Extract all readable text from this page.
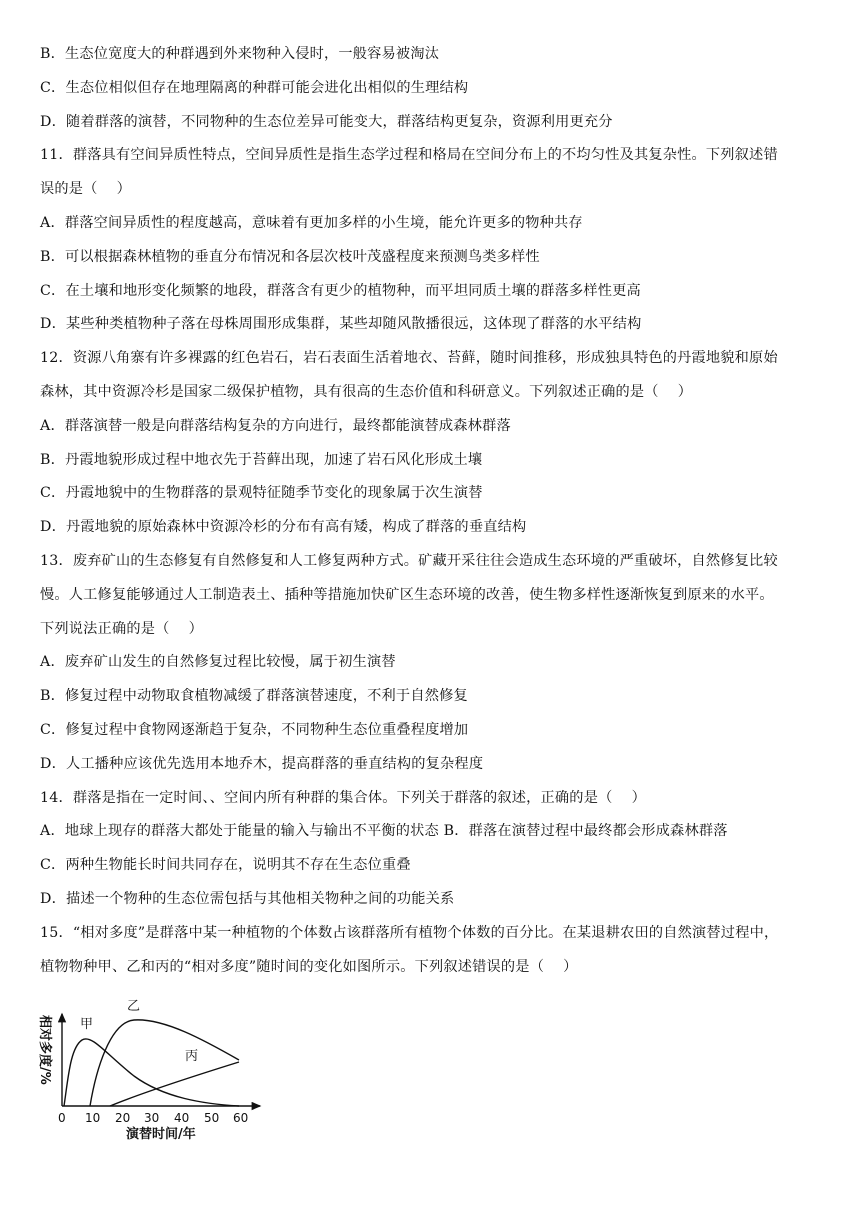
B．生态位宽度大的种群遇到外来物种入侵时，一般容易被淘汰
C．生态位相似但存在地理隔离的种群可能会进化出相似的生理结构
D．随着群落的演替，不同物种的生态位差异可能变大，群落结构更复杂，资源利用更充分
11．群落具有空间异质性特点，空间异质性是指生态学过程和格局在空间分布上的不均匀性及其复杂性。下列叙述错
误的是（　 ）
A．群落空间异质性的程度越高，意味着有更加多样的小生境，能允许更多的物种共存
B．可以根据森林植物的垂直分布情况和各层次枝叶茂盛程度来预测鸟类多样性
C．在土壤和地形变化频繁的地段，群落含有更少的植物种，而平坦同质土壤的群落多样性更高
D．某些种类植物种子落在母株周围形成集群，某些却随风散播很远，这体现了群落的水平结构
12．资源八角寨有许多裸露的红色岩石，岩石表面生活着地衣、苔藓，随时间推移，形成独具特色的丹霞地貌和原始
森林，其中资源冷杉是国家二级保护植物，具有很高的生态价值和科研意义。下列叙述正确的是（　 ）
A．群落演替一般是向群落结构复杂的方向进行，最终都能演替成森林群落
B．丹霞地貌形成过程中地衣先于苔藓出现，加速了岩石风化形成土壤
C．丹霞地貌中的生物群落的景观特征随季节变化的现象属于次生演替
D．丹霞地貌的原始森林中资源冷杉的分布有高有矮，构成了群落的垂直结构
13．废弃矿山的生态修复有自然修复和人工修复两种方式。矿藏开采往往会造成生态环境的严重破坏，自然修复比较
慢。人工修复能够通过人工制造表土、插种等措施加快矿区生态环境的改善，使生物多样性逐渐恢复到原来的水平。
下列说法正确的是（　 ）
A．废弃矿山发生的自然修复过程比较慢，属于初生演替
B．修复过程中动物取食植物减缓了群落演替速度，不利于自然修复
C．修复过程中食物网逐渐趋于复杂，不同物种生态位重叠程度增加
D．人工播种应该优先选用本地乔木，提高群落的垂直结构的复杂程度
14．群落是指在一定时间、、空间内所有种群的集合体。下列关于群落的叙述，正确的是（　 ）
A．地球上现存的群落大都处于能量的输入与输出不平衡的状态 B．群落在演替过程中最终都会形成森林群落
C．两种生物能长时间共同存在，说明其不存在生态位重叠
D．描述一个物种的生态位需包括与其他相关物种之间的功能关系
15．“相对多度”是群落中某一种植物的个体数占该群落所有植物个体数的百分比。在某退耕农田的自然演替过程中，
植物物种甲、乙和丙的“相对多度”随时间的变化如图所示。下列叙述错误的是（　 ）
相对多度/% 甲
乙
丙
0 10 20 30 40 50 60
演替时间/年
